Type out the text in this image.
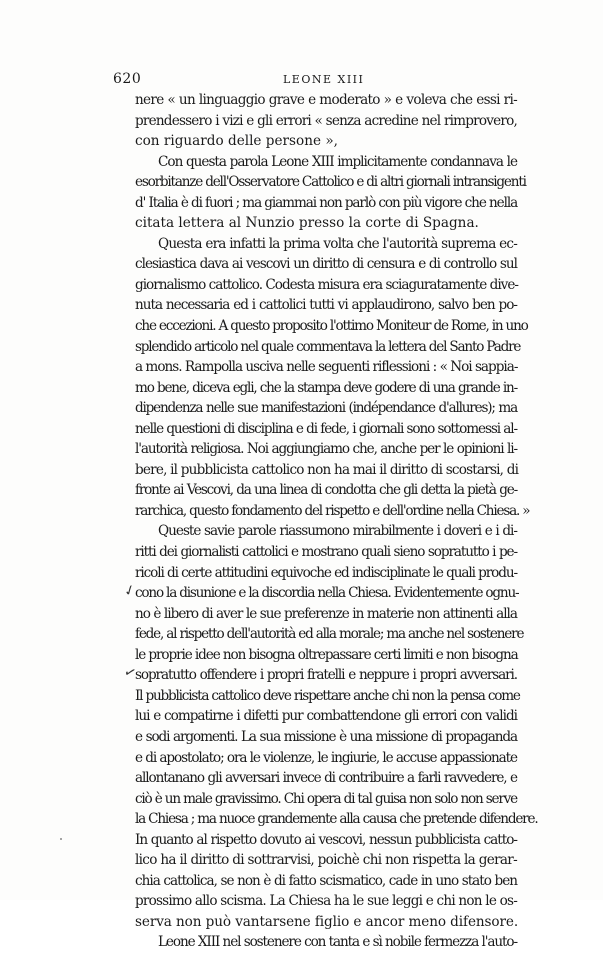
620	LEONE XIII
nere « un linguaggio grave e moderato » e voleva che essi ri-
prendessero i vizi e gli errori « senza acredine nel rimprovero,
con riguardo delle persone »,
Con questa parola Leone XIII implicitamente condannava le
esorbitanze dell'Osservatore Cattolico e di altri giornali intransigenti
d' Italia è di fuori ; ma giammai non parlò con più vigore che nella
citata lettera al Nunzio presso la corte di Spagna.
Questa era infatti la prima volta che l'autorità suprema ec-
clesiastica dava ai vescovi un diritto di censura e di controllo sul
giornalismo cattolico. Codesta misura era sciaguratamente dive-
nuta necessaria ed i cattolici tutti vi applaudirono, salvo ben po-
che eccezioni. A questo proposito l'ottimo Moniteur de Rome, in uno
splendido articolo nel quale commentava la lettera del Santo Padre
a mons. Rampolla usciva nelle seguenti riflessioni : « Noi sappia-
mo bene, diceva egli, che la stampa deve godere di una grande in-
dipendenza nelle sue manifestazioni (indépendance d'allures); ma
nelle questioni di disciplina e di fede, i giornali sono sottomessi al-
l'autorità religiosa. Noi aggiungiamo che, anche per le opinioni li-
bere, il pubblicista cattolico non ha mai il diritto di scostarsi, di
fronte ai Vescovi, da una linea di condotta che gli detta la pietà ge-
rarchica, questo fondamento del rispetto e dell'ordine nella Chiesa. »
Queste savie parole riassumono mirabilmente i doveri e i di-
ritti dei giornalisti cattolici e mostrano quali sieno sopratutto i pe-
ricoli di certe attitudini equivoche ed indisciplinate le quali produ-
cono la disunione e la discordia nella Chiesa. Evidentemente ognu-
no è libero di aver le sue preferenze in materie non attinenti alla
fede, al rispetto dell'autorità ed alla morale; ma anche nel sostenere
le proprie idee non bisogna oltrepassare certi limiti e non bisogna
sopratutto offendere i propri fratelli e neppure i propri avversari.
Il pubblicista cattolico deve rispettare anche chi non la pensa come
lui e compatirne i difetti pur combattendone gli errori con validi
e sodi argomenti. La sua missione è una missione di propaganda
e di apostolato; ora le violenze, le ingiurie, le accuse appassionate
allontanano gli avversari invece di contribuire a farli ravvedere, e
ciò è un male gravissimo. Chi opera di tal guisa non solo non serve
la Chiesa ; ma nuoce grandemente alla causa che pretende difendere.
In quanto al rispetto dovuto ai vescovi, nessun pubblicista catto-
lico ha il diritto di sottrarvisi, poichè chi non rispetta la gerar-
chia cattolica, se non è di fatto scismatico, cade in uno stato ben
prossimo allo scisma. La Chiesa ha le sue leggi e chi non le os-
serva non può vantarsene figlio e ancor meno difensore.
Leone XIII nel sostenere con tanta e sì nobile fermezza l'auto-
✓
✓
